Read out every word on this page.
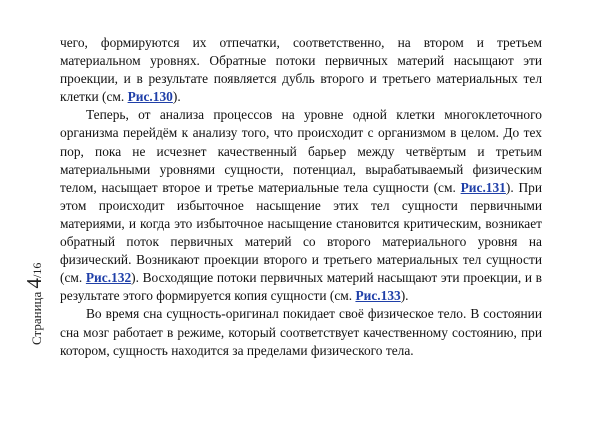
чего, формируются их отпечатки, соответственно, на втором и третьем материальном уровнях. Обратные потоки первичных материй насыщают эти проекции, и в результате появляется дубль второго и третьего материальных тел клетки (см. Рис.130).

Теперь, от анализа процессов на уровне одной клетки многоклеточного организма перейдём к анализу того, что происходит с организмом в целом. До тех пор, пока не исчезнет качественный барьер между четвёртым и третьим материальными уровнями сущности, потенциал, вырабатываемый физическим телом, насыщает второе и третье материальные тела сущности (см. Рис.131). При этом происходит избыточное насыщение этих тел сущности первичными материями, и когда это избыточное насыщение становится критическим, возникает обратный поток первичных материй со второго материального уровня на физический. Возникают проекции второго и третьего материальных тел сущности (см. Рис.132). Восходящие потоки первичных материй насыщают эти проекции, и в результате этого формируется копия сущности (см. Рис.133).

Во время сна сущность-оригинал покидает своё физическое тело. В состоянии сна мозг работает в режиме, который соответствует качественному состоянию, при котором, сущность находится за пределами физического тела.

Страница 4/16
